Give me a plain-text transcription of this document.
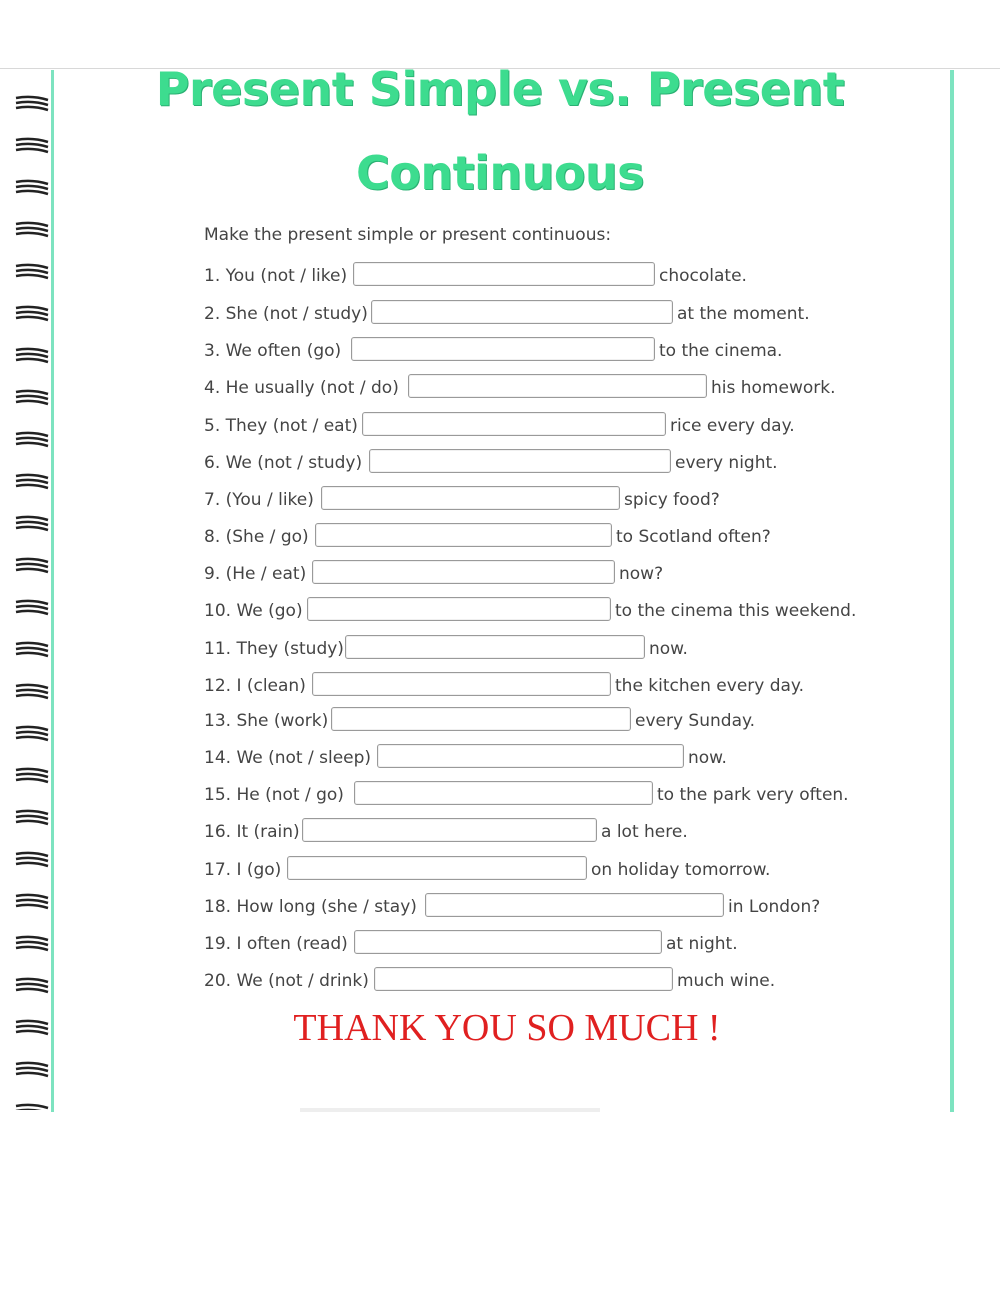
Present Simple vs. Present
Continuous
Make the present simple or present continuous:
1. You (not / like)	chocolate.
2. She (not / study)	at the moment.
3. We often (go)	to the cinema.
4. He usually (not / do)	his homework.
5. They (not / eat)	rice every day.
6. We (not / study)	every night.
7. (You / like)	spicy food?
8. (She / go)	to Scotland often?
9. (He / eat)	now?
10. We (go)	to the cinema this weekend.
11. They (study)	now.
12. I (clean)	the kitchen every day.
13. She (work)	every Sunday.
14. We (not / sleep)	now.
15. He (not / go)	to the park very often.
16. It (rain)	a lot here.
17. I (go)	on holiday tomorrow.
18. How long (she / stay)	in London?
19. I often (read)	at night.
20. We (not / drink)	much wine.
THANK YOU SO MUCH !
